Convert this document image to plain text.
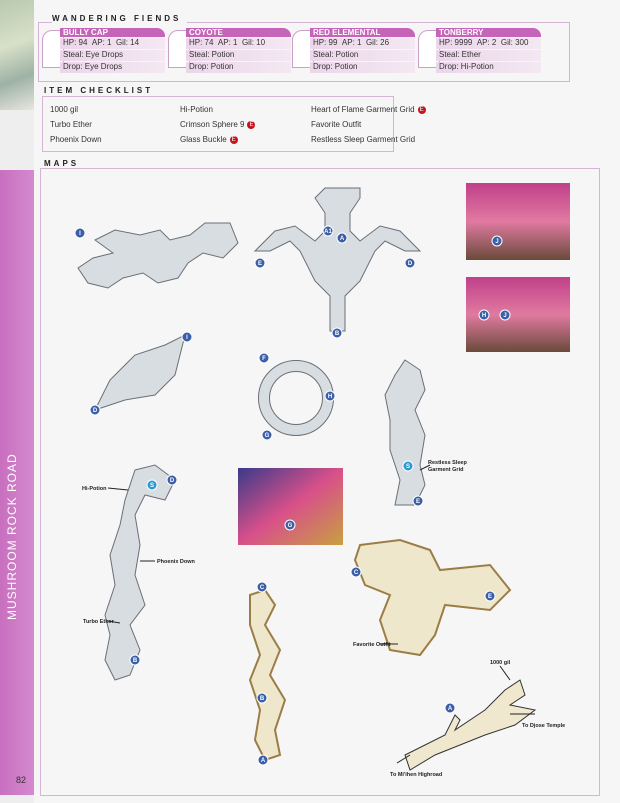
MUSHROOM ROCK ROAD
82
WANDERING FIENDS
BULLY CAP
HP: 94 AP: 1 Gil: 14
Steal: Eye Drops
Drop: Eye Drops
COYOTE
HP: 74 AP: 1 Gil: 10
Steal: Potion
Drop: Potion
RED ELEMENTAL
HP: 99 AP: 1 Gil: 26
Steal: Potion
Drop: Potion
TONBERRY
HP: 9999 AP: 2 Gil: 300
Steal: Ether
Drop: Hi-Potion
ITEM CHECKLIST
1000 gil
Turbo Ether
Phoenix Down
Hi-Potion
Crimson Sphere 9 E
Glass Buckle E
Heart of Flame Garment Grid E
Favorite Outfit
Restless Sleep Garment Grid
MAPS
Hi-Potion
Phoenix Down
Turbo Ether
Restless Sleep
Garment Grid
Favorite Outfit
1000 gil
To Djose Temple
To Mi'ihen Highroad
I	A1
A
E	D
B
J
H	J
I
D
F
H
G
S
E
G
S
D
B
C
B
A
C
E
A
